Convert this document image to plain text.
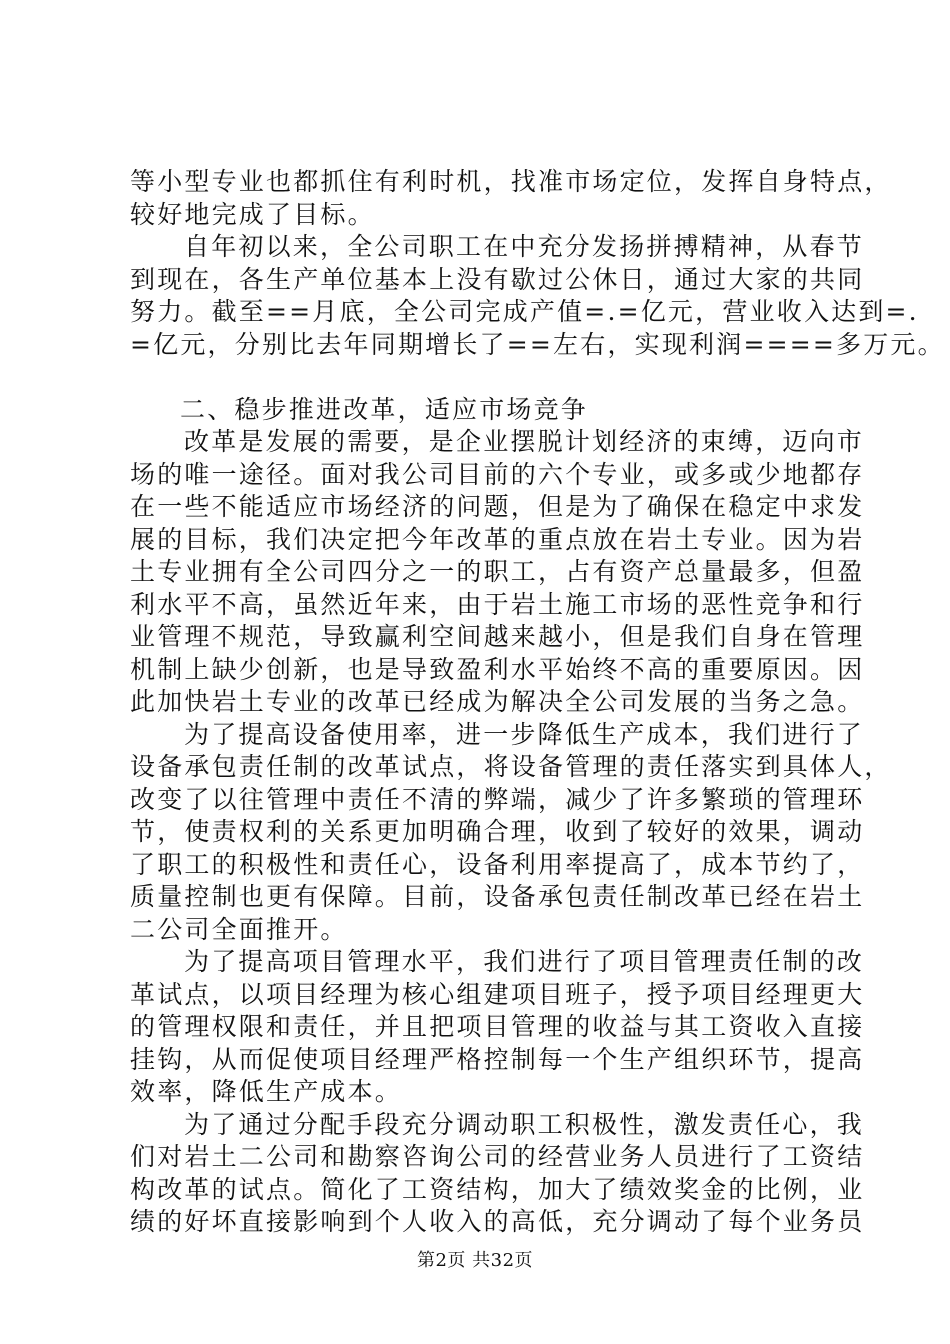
等小型专业也都抓住有利时机，找准市场定位，发挥自身特点，
较好地完成了目标。
自年初以来，全公司职工在中充分发扬拼搏精神，从春节
到现在，各生产单位基本上没有歇过公休日，通过大家的共同
努力。截至==月底，全公司完成产值=.=亿元，营业收入达到=.
=亿元，分别比去年同期增长了==左右，实现利润====多万元。
二、稳步推进改革，适应市场竞争
改革是发展的需要，是企业摆脱计划经济的束缚，迈向市
场的唯一途径。面对我公司目前的六个专业，或多或少地都存
在一些不能适应市场经济的问题，但是为了确保在稳定中求发
展的目标，我们决定把今年改革的重点放在岩土专业。因为岩
土专业拥有全公司四分之一的职工，占有资产总量最多，但盈
利水平不高，虽然近年来，由于岩土施工市场的恶性竞争和行
业管理不规范，导致赢利空间越来越小，但是我们自身在管理
机制上缺少创新，也是导致盈利水平始终不高的重要原因。因
此加快岩土专业的改革已经成为解决全公司发展的当务之急。
为了提高设备使用率，进一步降低生产成本，我们进行了
设备承包责任制的改革试点，将设备管理的责任落实到具体人，
改变了以往管理中责任不清的弊端，减少了许多繁琐的管理环
节，使责权利的关系更加明确合理，收到了较好的效果，调动
了职工的积极性和责任心，设备利用率提高了，成本节约了，
质量控制也更有保障。目前，设备承包责任制改革已经在岩土
二公司全面推开。
为了提高项目管理水平，我们进行了项目管理责任制的改
革试点，以项目经理为核心组建项目班子，授予项目经理更大
的管理权限和责任，并且把项目管理的收益与其工资收入直接
挂钩，从而促使项目经理严格控制每一个生产组织环节，提高
效率，降低生产成本。
为了通过分配手段充分调动职工积极性，激发责任心，我
们对岩土二公司和勘察咨询公司的经营业务人员进行了工资结
构改革的试点。简化了工资结构，加大了绩效奖金的比例，业
绩的好坏直接影响到个人收入的高低，充分调动了每个业务员
第2页 共32页
